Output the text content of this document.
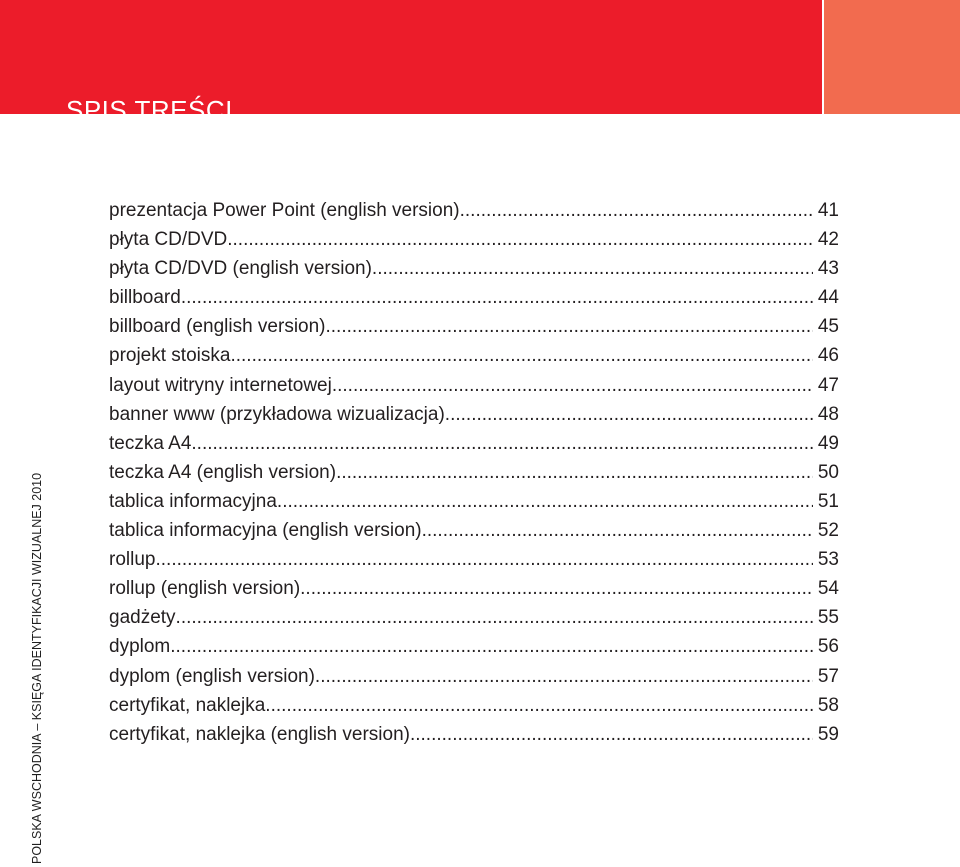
SPIS TREŚCI
POLSKA WSCHODNIA – KSIĘGA IDENTYFIKACJI WIZUALNEJ 2010
prezentacja Power Point (english version) .....	41
płyta CD/DVD .....	42
płyta CD/DVD (english version) .....	43
billboard .....	44
billboard (english version) .....	45
projekt stoiska .....	46
layout witryny internetowej .....	47
banner www (przykładowa wizualizacja) .....	48
teczka A4 .....	49
teczka A4 (english version) .....	50
tablica informacyjna .....	51
tablica informacyjna (english version) .....	52
rollup .....	53
rollup (english version) .....	54
gadżety .....	55
dyplom .....	56
dyplom (english version) .....	57
certyfikat, naklejka .....	58
certyfikat, naklejka (english version) .....	59
